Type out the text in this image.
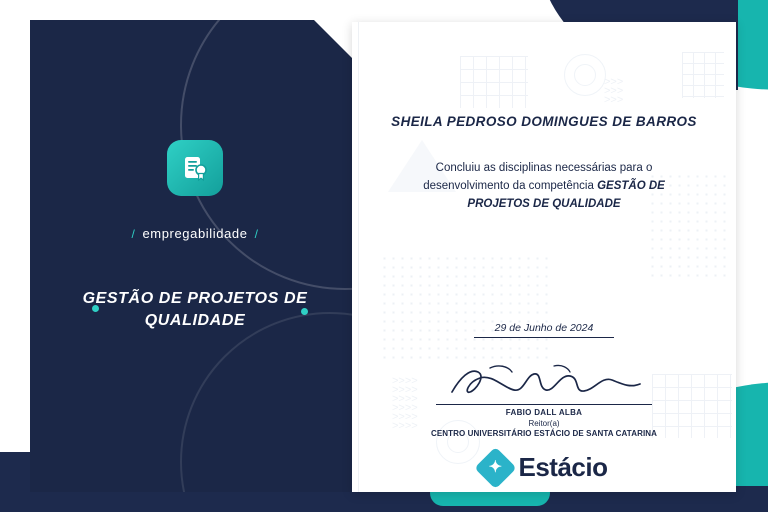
/ empregabilidade /
GESTÃO DE PROJETOS DE QUALIDADE
>>>>
>>>>
>>>>
>>>>
>>>>
>>>>
>>>
>>>
>>>
SHEILA PEDROSO DOMINGUES DE BARROS
Concluiu as disciplinas necessárias para o desenvolvimento da competência GESTÃO DE PROJETOS DE QUALIDADE
29 de Junho de 2024
FABIO DALL ALBA
Reitor(a)
CENTRO UNIVERSITÁRIO ESTÁCIO DE SANTA CATARINA
✦ Estácio
